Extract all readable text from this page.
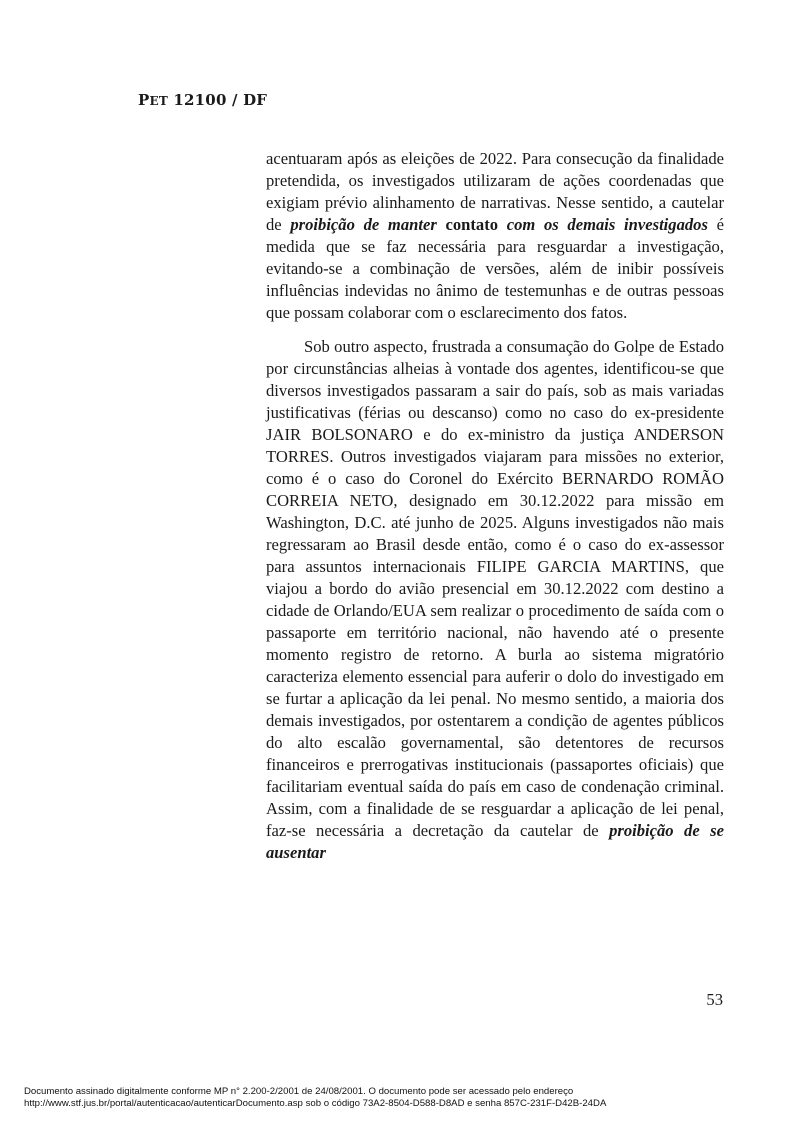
PET 12100 / DF

acentuaram após as eleições de 2022. Para consecução da finalidade pretendida, os investigados utilizaram de ações coordenadas que exigiam prévio alinhamento de narrativas. Nesse sentido, a cautelar de proibição de manter contato com os demais investigados é medida que se faz necessária para resguardar a investigação, evitando-se a combinação de versões, além de inibir possíveis influências indevidas no ânimo de testemunhas e de outras pessoas que possam colaborar com o esclarecimento dos fatos.

Sob outro aspecto, frustrada a consumação do Golpe de Estado por circunstâncias alheias à vontade dos agentes, identificou-se que diversos investigados passaram a sair do país, sob as mais variadas justificativas (férias ou descanso) como no caso do ex-presidente JAIR BOLSONARO e do ex-ministro da justiça ANDERSON TORRES. Outros investigados viajaram para missões no exterior, como é o caso do Coronel do Exército BERNARDO ROMÃO CORREIA NETO, designado em 30.12.2022 para missão em Washington, D.C. até junho de 2025. Alguns investigados não mais regressaram ao Brasil desde então, como é o caso do ex-assessor para assuntos internacionais FILIPE GARCIA MARTINS, que viajou a bordo do avião presencial em 30.12.2022 com destino a cidade de Orlando/EUA sem realizar o procedimento de saída com o passaporte em território nacional, não havendo até o presente momento registro de retorno. A burla ao sistema migratório caracteriza elemento essencial para auferir o dolo do investigado em se furtar a aplicação da lei penal. No mesmo sentido, a maioria dos demais investigados, por ostentarem a condição de agentes públicos do alto escalão governamental, são detentores de recursos financeiros e prerrogativas institucionais (passaportes oficiais) que facilitariam eventual saída do país em caso de condenação criminal. Assim, com a finalidade de se resguardar a aplicação de lei penal, faz-se necessária a decretação da cautelar de proibição de se ausentar

53
Documento assinado digitalmente conforme MP n° 2.200-2/2001 de 24/08/2001. O documento pode ser acessado pelo endereço
http://www.stf.jus.br/portal/autenticacao/autenticarDocumento.asp sob o código 73A2-8504-D588-D8AD e senha 857C-231F-D42B-24DA
